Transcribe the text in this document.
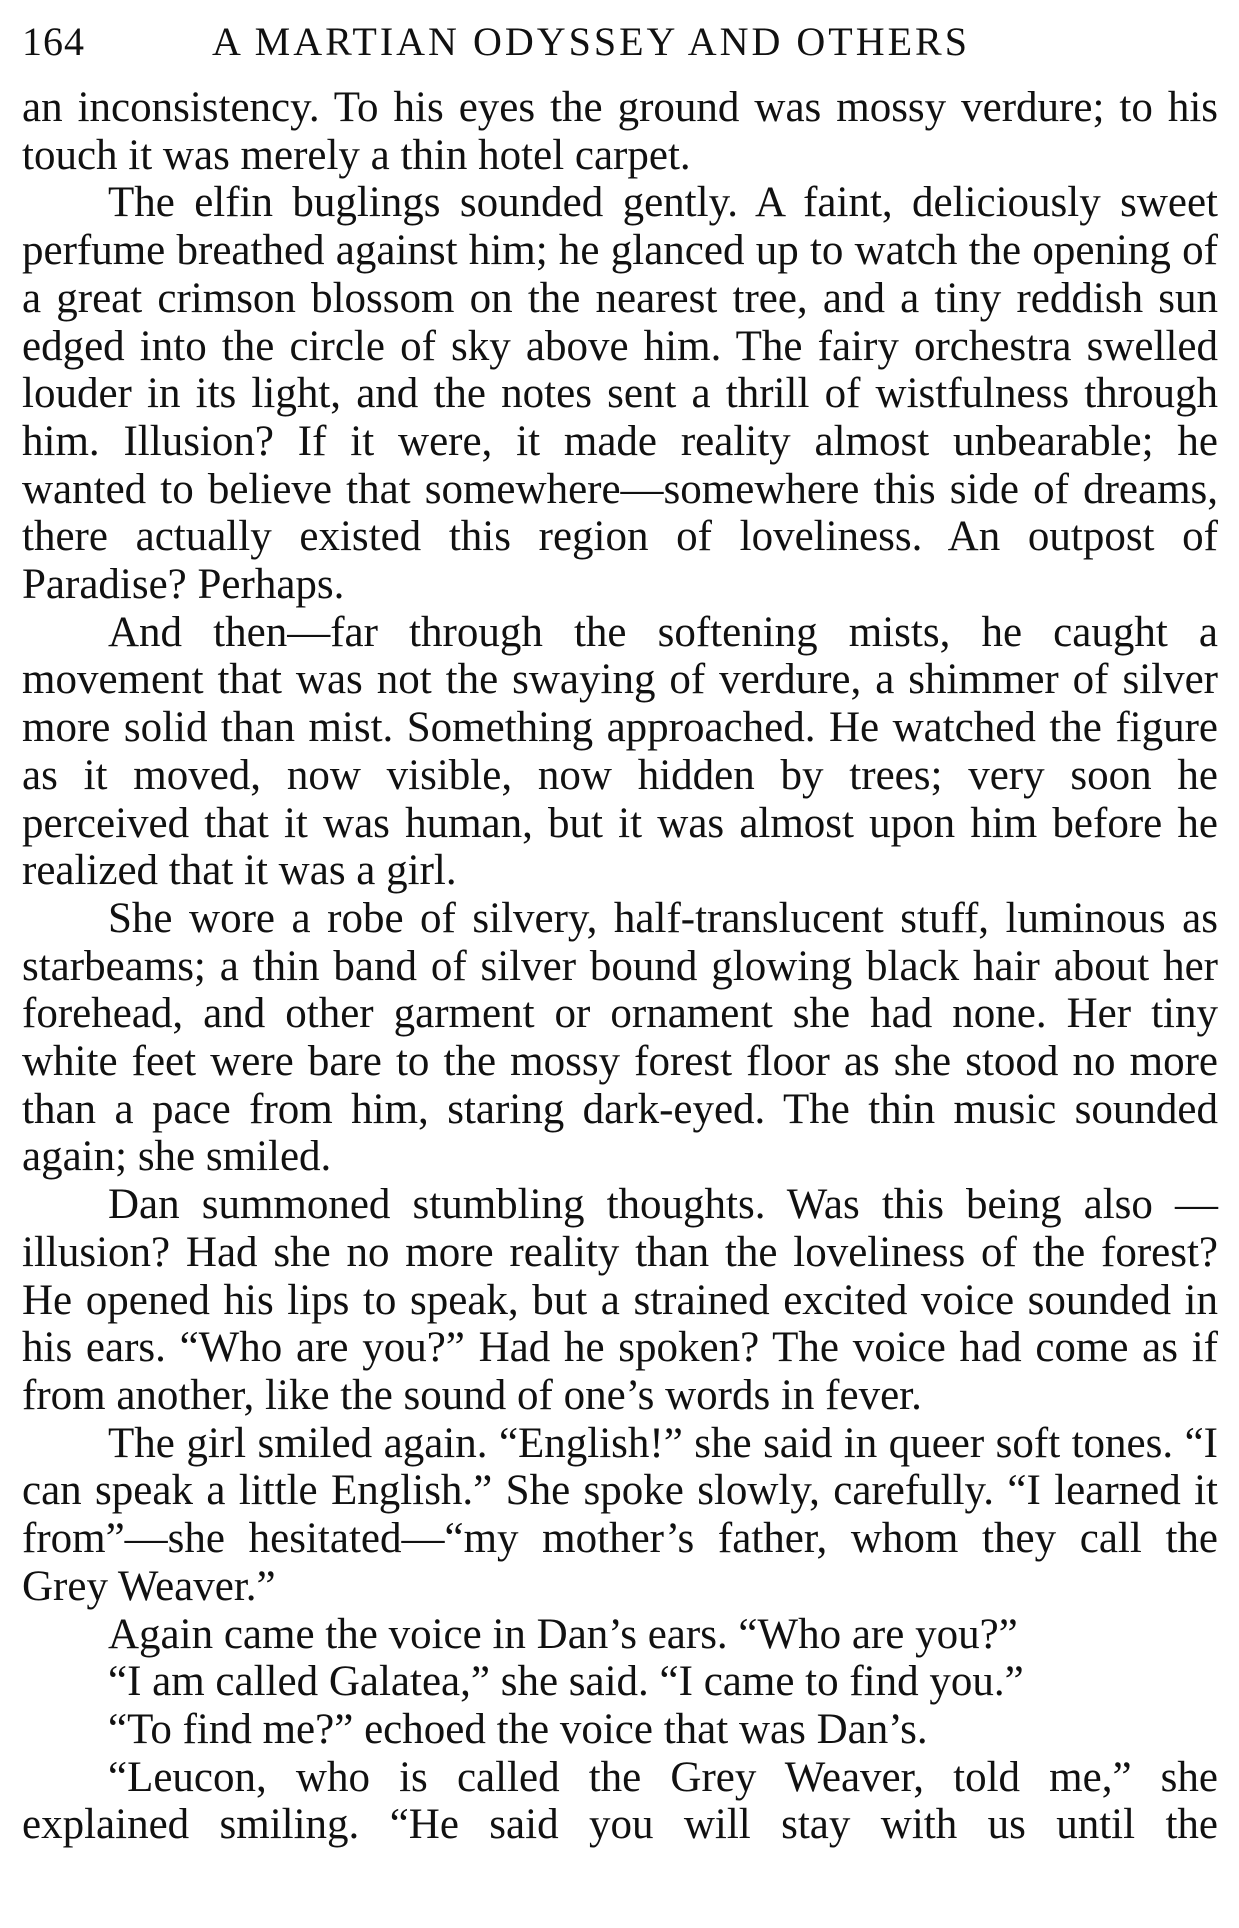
164	A MARTIAN ODYSSEY AND OTHERS

an inconsistency. To his eyes the ground was mossy verdure; to his touch it was merely a thin hotel carpet.

The elfin buglings sounded gently. A faint, deliciously sweet perfume breathed against him; he glanced up to watch the opening of a great crimson blossom on the nearest tree, and a tiny reddish sun edged into the circle of sky above him. The fairy orchestra swelled louder in its light, and the notes sent a thrill of wistfulness through him. Illusion? If it were, it made reality almost unbearable; he wanted to believe that somewhere—somewhere this side of dreams, there actually existed this region of loveliness. An outpost of Paradise? Perhaps.

And then—far through the softening mists, he caught a movement that was not the swaying of verdure, a shimmer of silver more solid than mist. Something approached. He watched the figure as it moved, now visible, now hidden by trees; very soon he perceived that it was human, but it was almost upon him before he realized that it was a girl.

She wore a robe of silvery, half-translucent stuff, luminous as starbeams; a thin band of silver bound glowing black hair about her forehead, and other garment or ornament she had none. Her tiny white feet were bare to the mossy forest floor as she stood no more than a pace from him, staring dark-eyed. The thin music sounded again; she smiled.

Dan summoned stumbling thoughts. Was this being also —illusion? Had she no more reality than the loveliness of the forest? He opened his lips to speak, but a strained excited voice sounded in his ears. “Who are you?” Had he spoken? The voice had come as if from another, like the sound of one’s words in fever.

The girl smiled again. “English!” she said in queer soft tones. “I can speak a little English.” She spoke slowly, carefully. “I learned it from”—she hesitated—“my mother’s father, whom they call the Grey Weaver.”

Again came the voice in Dan’s ears. “Who are you?”

“I am called Galatea,” she said. “I came to find you.”

“To find me?” echoed the voice that was Dan’s.

“Leucon, who is called the Grey Weaver, told me,” she explained smiling. “He said you will stay with us until the
